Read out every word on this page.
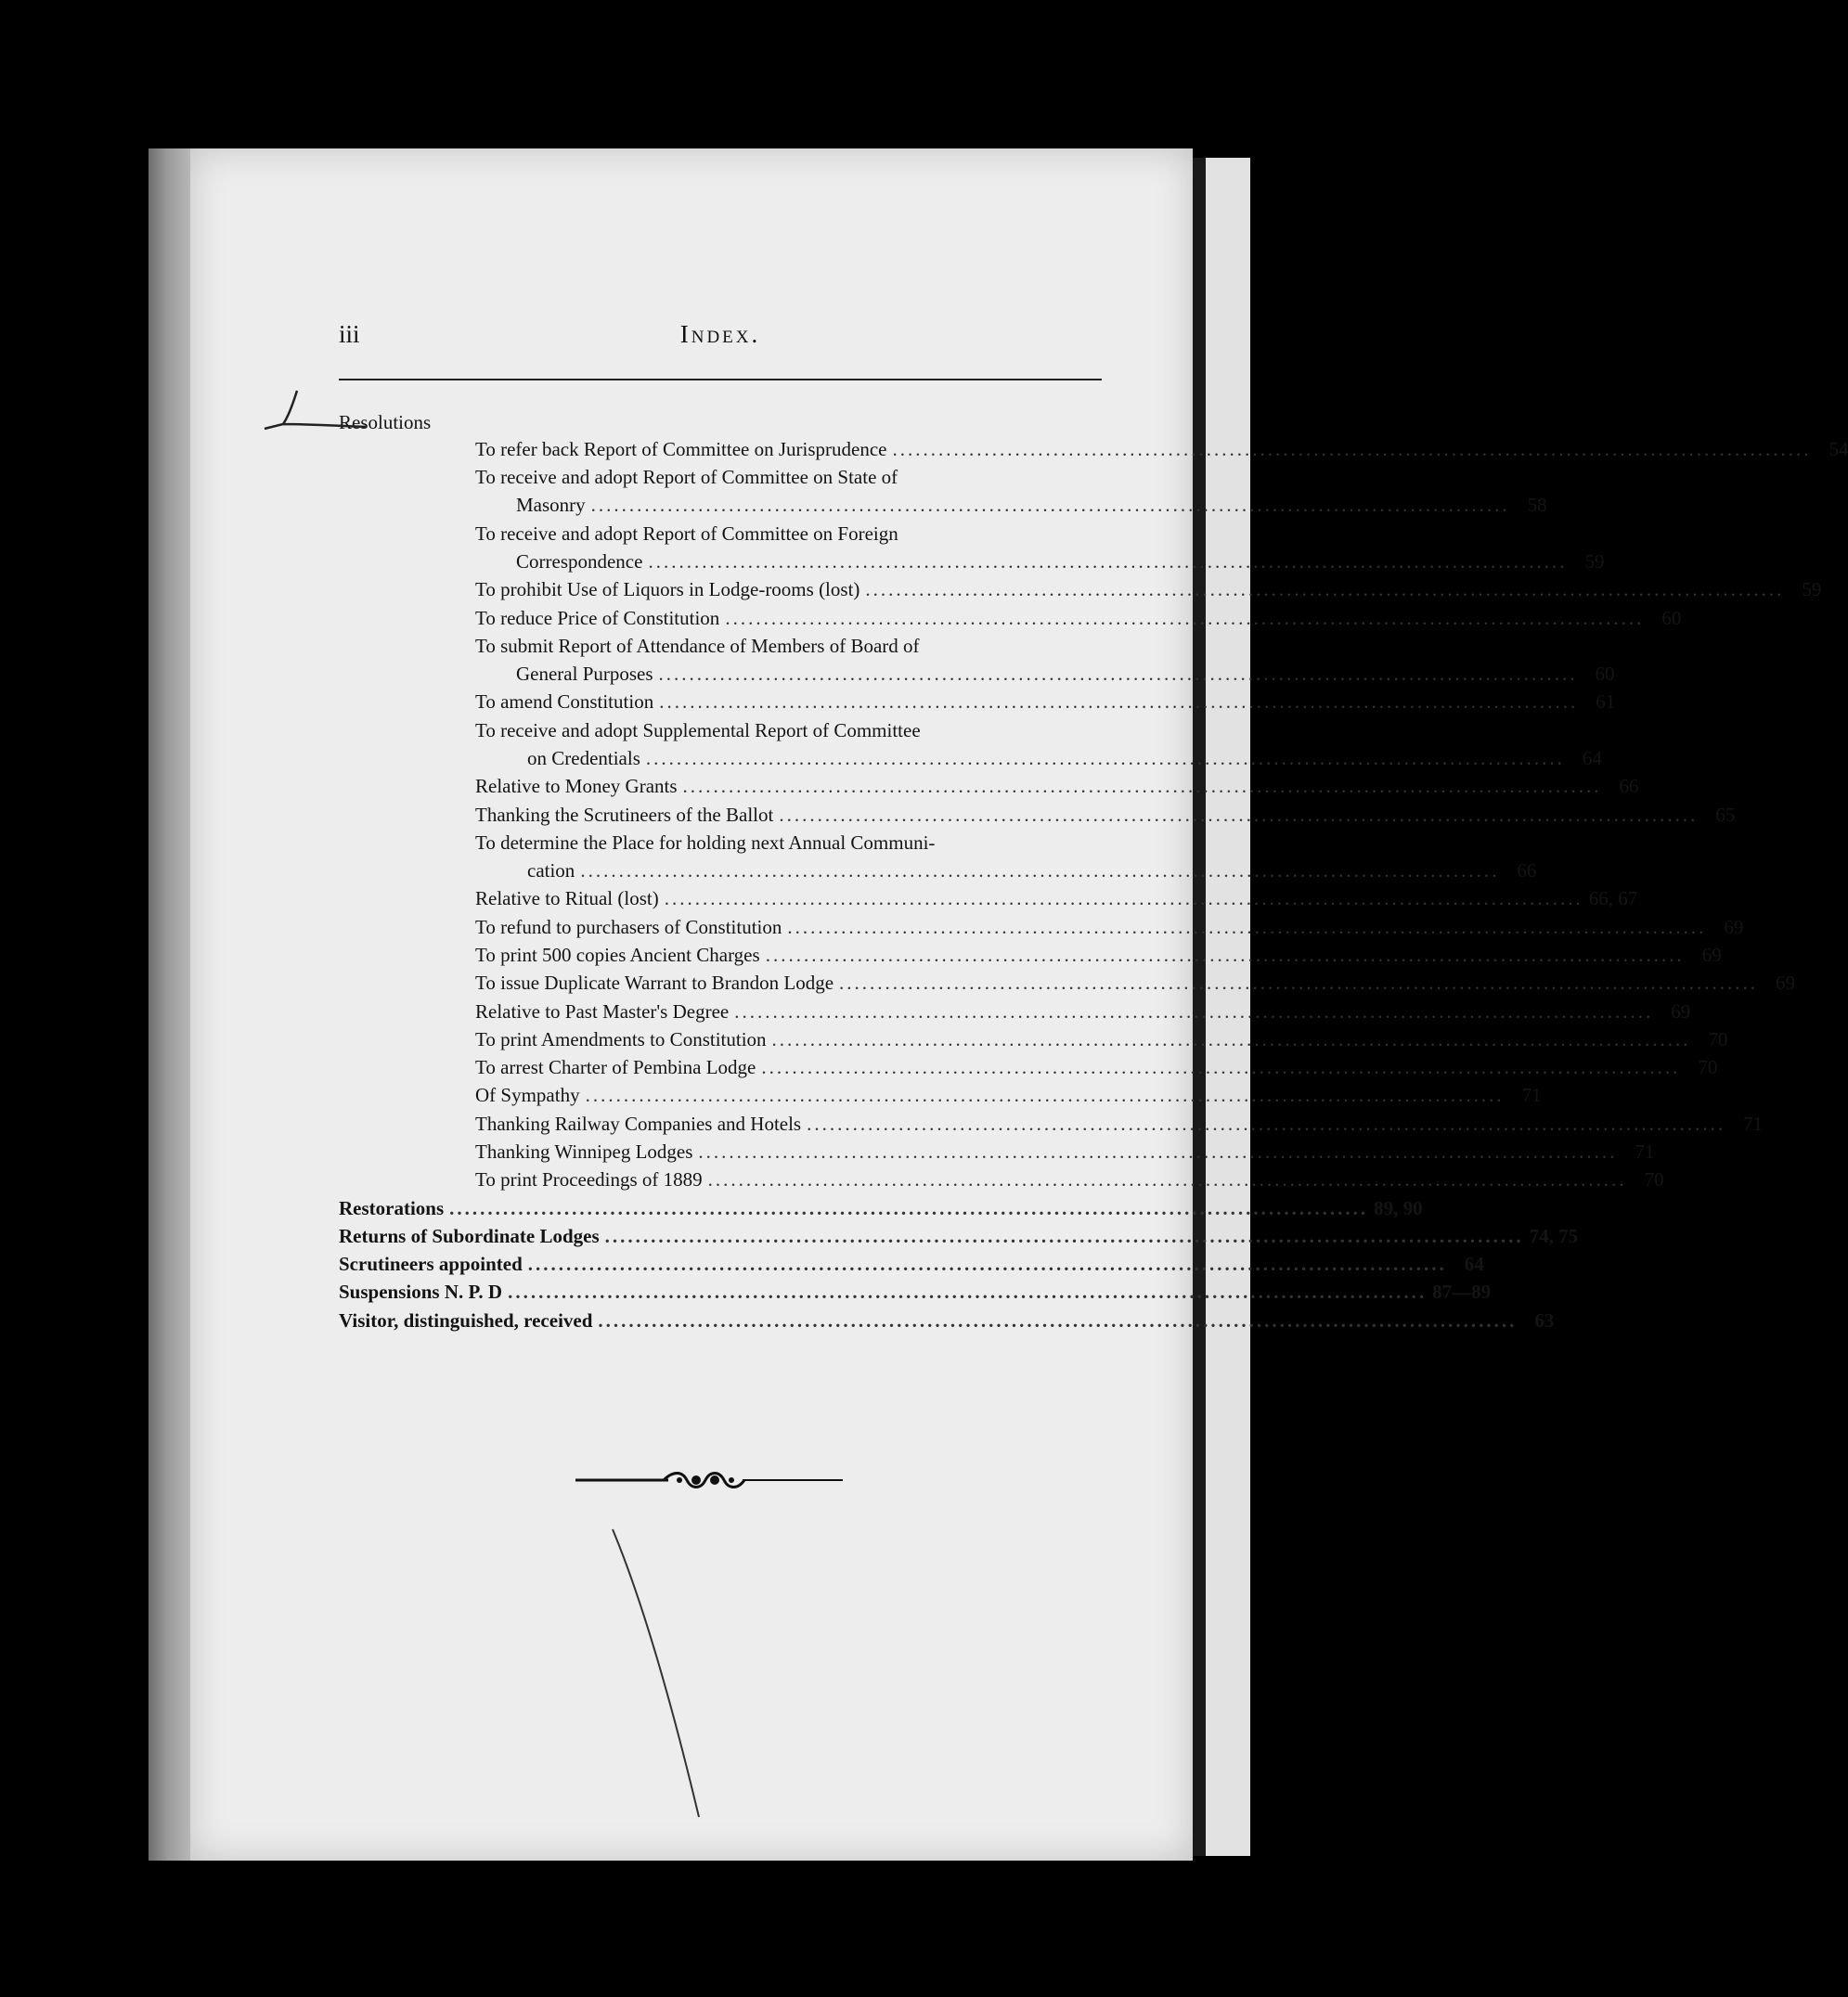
iii	Index.
Resolutions
To refer back Report of Committee on Jurisprudence ........................................................................................................................ 54
To receive and adopt Report of Committee on State of
Masonry ........................................................................................................................ 58
To receive and adopt Report of Committee on Foreign
Correspondence ........................................................................................................................ 59
To prohibit Use of Liquors in Lodge-rooms (lost) ........................................................................................................................ 59
To reduce Price of Constitution ........................................................................................................................ 60
To submit Report of Attendance of Members of Board of
General Purposes ........................................................................................................................ 60
To amend Constitution ........................................................................................................................ 61
To receive and adopt Supplemental Report of Committee
on Credentials ........................................................................................................................ 64
Relative to Money Grants ........................................................................................................................ 66
Thanking the Scrutineers of the Ballot ........................................................................................................................ 65
To determine the Place for holding next Annual Communi-
cation ........................................................................................................................ 66
Relative to Ritual (lost) ........................................................................................................................ 66, 67
To refund to purchasers of Constitution ........................................................................................................................ 69
To print 500 copies Ancient Charges ........................................................................................................................ 69
To issue Duplicate Warrant to Brandon Lodge ........................................................................................................................ 69
Relative to Past Master's Degree ........................................................................................................................ 69
To print Amendments to Constitution ........................................................................................................................ 70
To arrest Charter of Pembina Lodge ........................................................................................................................ 70
Of Sympathy ........................................................................................................................ 71
Thanking Railway Companies and Hotels ........................................................................................................................ 71
Thanking Winnipeg Lodges ........................................................................................................................ 71
To print Proceedings of 1889 ........................................................................................................................ 70
Restorations ........................................................................................................................ 89, 90
Returns of Subordinate Lodges ........................................................................................................................ 74, 75
Scrutineers appointed ........................................................................................................................ 64
Suspensions N. P. D ........................................................................................................................ 87—89
Visitor, distinguished, received ........................................................................................................................ 63
